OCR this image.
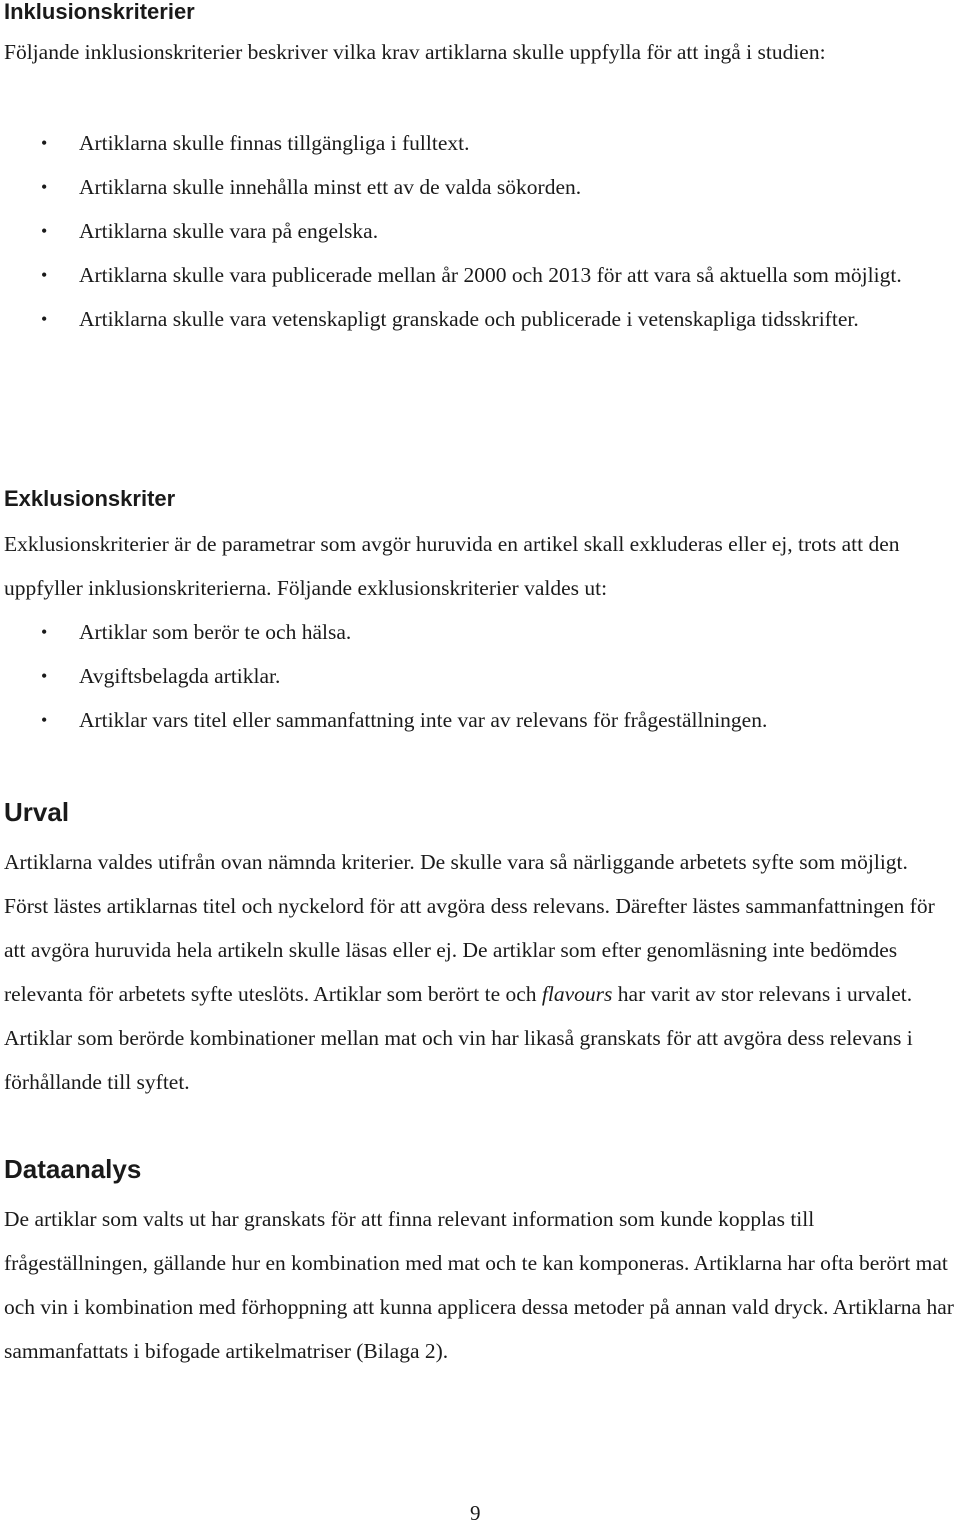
Inklusionskriterier

Följande inklusionskriterier beskriver vilka krav artiklarna skulle uppfylla för att ingå i studien:

• Artiklarna skulle finnas tillgängliga i fulltext.
• Artiklarna skulle innehålla minst ett av de valda sökorden.
• Artiklarna skulle vara på engelska.
• Artiklarna skulle vara publicerade mellan år 2000 och 2013 för att vara så aktuella som möjligt.
• Artiklarna skulle vara vetenskapligt granskade och publicerade i vetenskapliga tidsskrifter.
Exklusionskriter

Exklusionskriterier är de parametrar som avgör huruvida en artikel skall exkluderas eller ej, trots att den uppfyller inklusionskriterierna. Följande exklusionskriterier valdes ut:

• Artiklar som berör te och hälsa.
• Avgiftsbelagda artiklar.
• Artiklar vars titel eller sammanfattning inte var av relevans för frågeställningen.
Urval

Artiklarna valdes utifrån ovan nämnda kriterier. De skulle vara så närliggande arbetets syfte som möjligt. Först lästes artiklarnas titel och nyckelord för att avgöra dess relevans. Därefter lästes sammanfattningen för att avgöra huruvida hela artikeln skulle läsas eller ej. De artiklar som efter genomläsning inte bedömdes relevanta för arbetets syfte uteslöts. Artiklar som berört te och flavours har varit av stor relevans i urvalet. Artiklar som berörde kombinationer mellan mat och vin har likaså granskats för att avgöra dess relevans i förhållande till syftet.

Dataanalys

De artiklar som valts ut har granskats för att finna relevant information som kunde kopplas till frågeställningen, gällande hur en kombination med mat och te kan komponeras. Artiklarna har ofta berört mat och vin i kombination med förhoppning att kunna applicera dessa metoder på annan vald dryck. Artiklarna har sammanfattats i bifogade artikelmatriser (Bilaga 2).

9
